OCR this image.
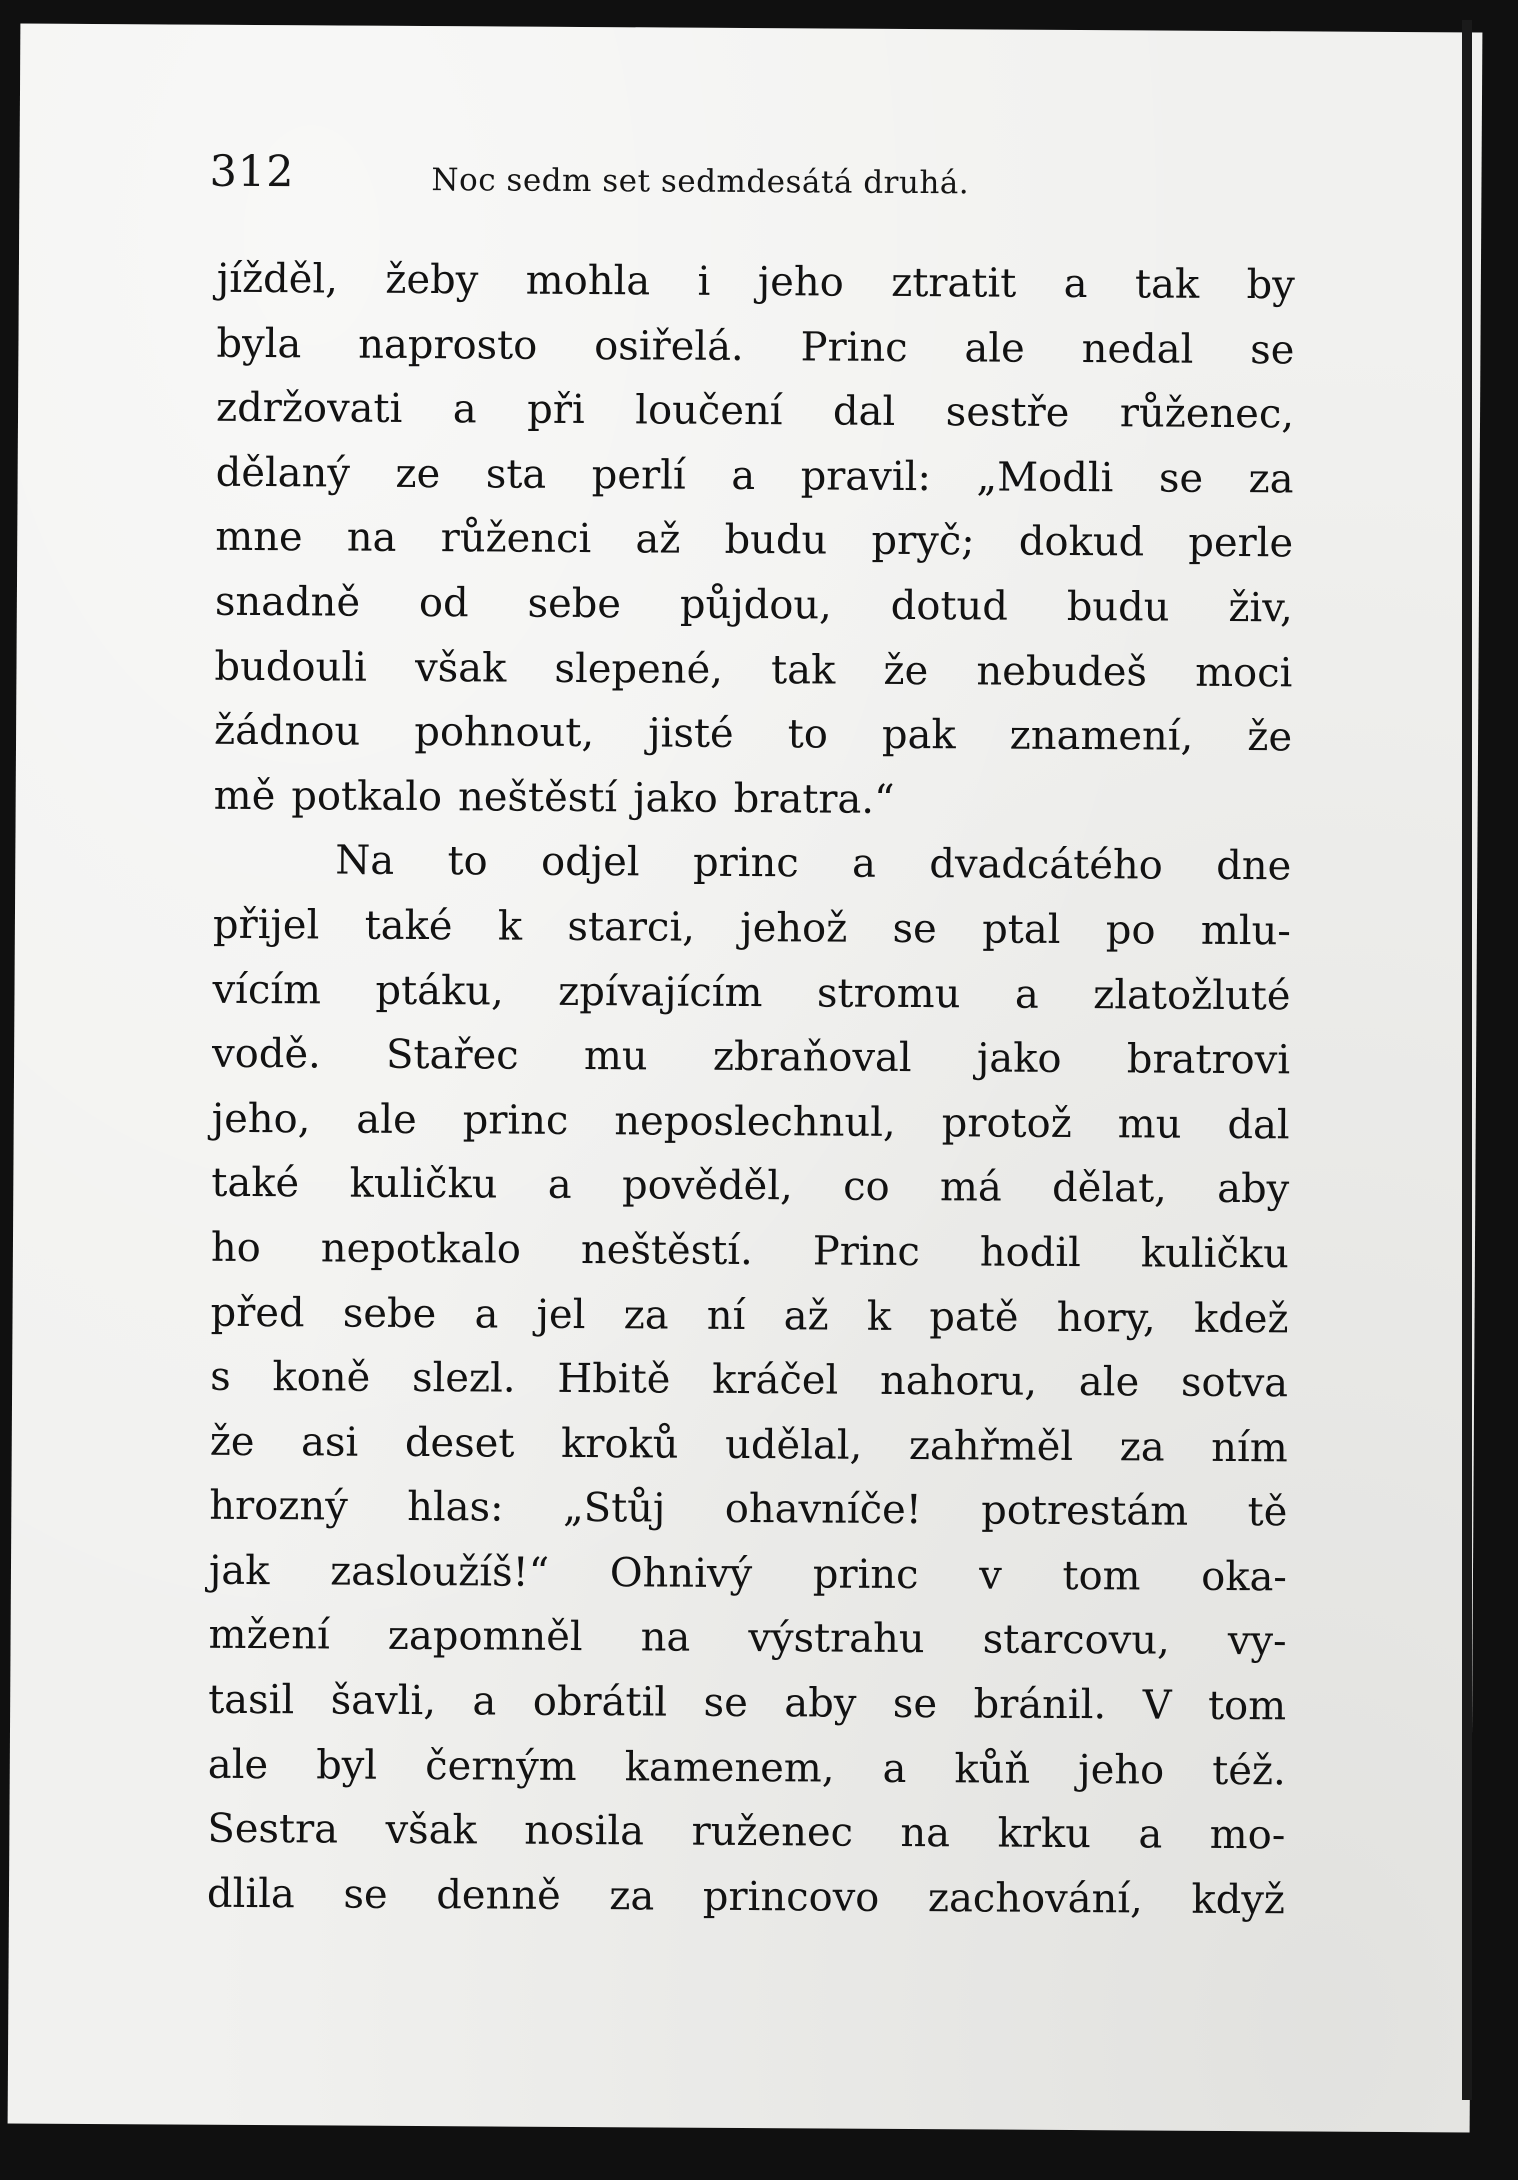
312	Noc sedm set sedmdesátá druhá.
jížděl, žeby mohla i jeho ztratit a tak by
byla naprosto osiřelá. Princ ale nedal se
zdržovati a při loučení dal sestře růženec,
dělaný ze sta perlí a pravil: „Modli se za
mne na růženci až budu pryč; dokud perle
snadně od sebe půjdou, dotud budu živ,
budouli však slepené, tak že nebudeš moci
žádnou pohnout, jisté to pak znamení, že
mě potkalo neštěstí jako bratra.“
Na to odjel princ a dvadcátého dne
přijel také k starci, jehož se ptal po mlu-
vícím ptáku, zpívajícím stromu a zlatožluté
vodě. Stařec mu zbraňoval jako bratrovi
jeho, ale princ neposlechnul, protož mu dal
také kuličku a pověděl, co má dělat, aby
ho nepotkalo neštěstí. Princ hodil kuličku
před sebe a jel za ní až k patě hory, kdež
s koně slezl. Hbitě kráčel nahoru, ale sotva
že asi deset kroků udělal, zahřměl za ním
hrozný hlas: „Stůj ohavníče! potrestám tě
jak zasloužíš!“ Ohnivý princ v tom oka-
mžení zapomněl na výstrahu starcovu, vy-
tasil šavli, a obrátil se aby se bránil. V tom
ale byl černým kamenem, a kůň jeho též.
Sestra však nosila ruženec na krku a mo-
dlila se denně za princovo zachování, když
